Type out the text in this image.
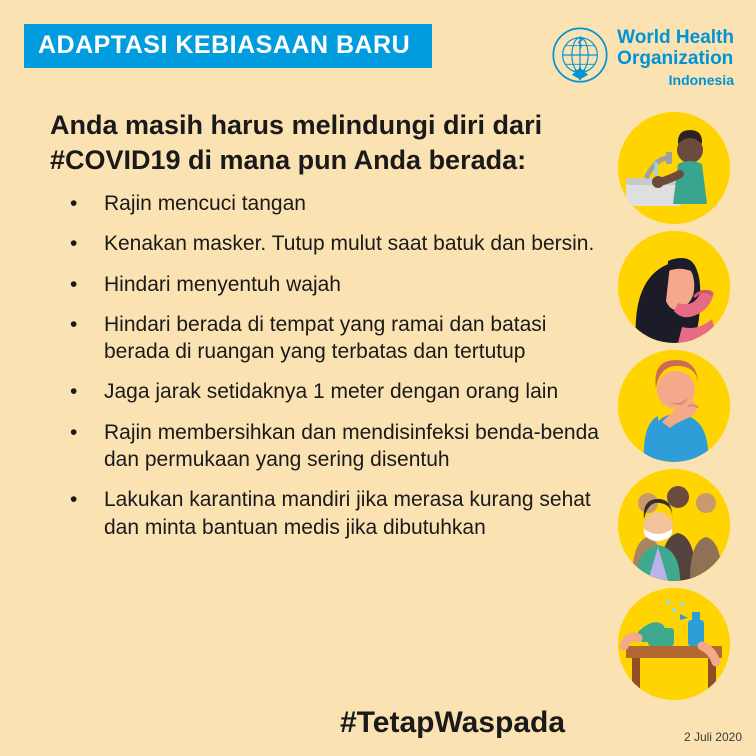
ADAPTASI KEBIASAAN BARU	World Health
Organization
Indonesia
Anda masih harus melindungi diri dari
#COVID19 di mana pun Anda berada:
• Rajin mencuci tangan
• Kenakan masker. Tutup mulut saat batuk dan bersin.
• Hindari menyentuh wajah
• Hindari berada di tempat yang ramai dan batasi berada di ruangan yang terbatas dan tertutup
• Jaga jarak setidaknya 1 meter dengan orang lain
• Rajin membersihkan dan mendisinfeksi benda-benda dan permukaan yang sering disentuh
• Lakukan karantina mandiri jika merasa kurang sehat dan minta bantuan medis jika dibutuhkan
#TetapWaspada	2 Juli 2020
